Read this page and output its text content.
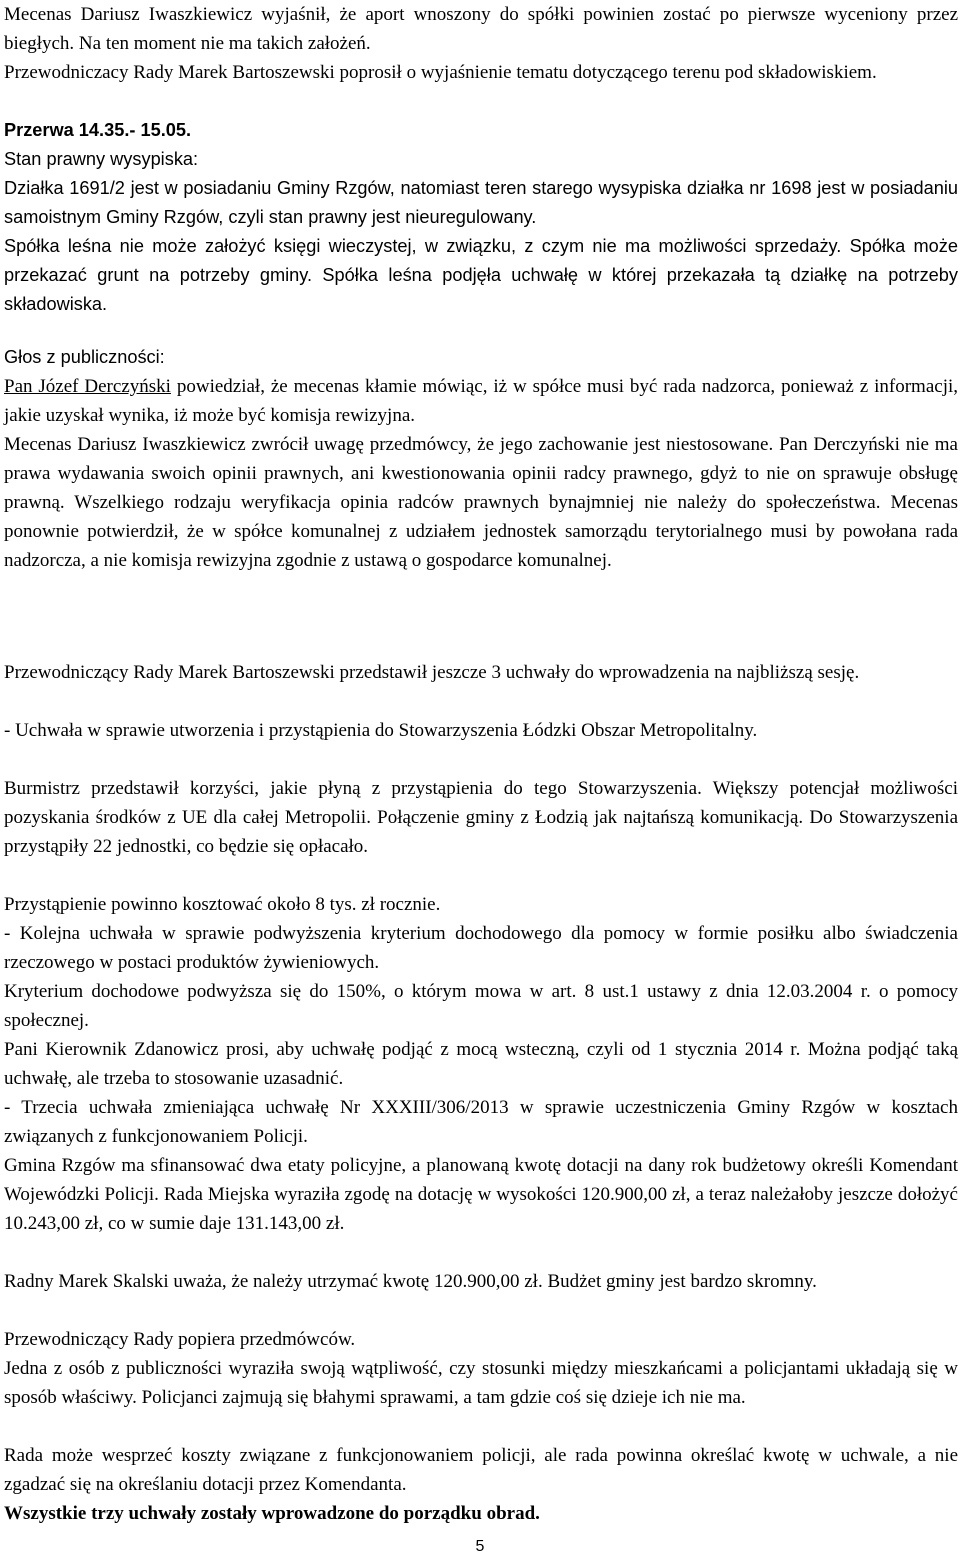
Mecenas Dariusz Iwaszkiewicz wyjaśnił, że aport wnoszony do spółki powinien zostać po pierwsze wyceniony przez biegłych. Na ten moment nie ma takich założeń.
Przewodniczacy Rady Marek Bartoszewski poprosił o wyjaśnienie tematu dotyczącego terenu pod składowiskiem.
Przerwa 14.35.- 15.05.
Stan prawny wysypiska:
Działka 1691/2 jest w posiadaniu Gminy Rzgów, natomiast teren starego wysypiska działka nr 1698 jest w posiadaniu samoistnym Gminy Rzgów, czyli stan prawny jest nieuregulowany.
Spółka leśna nie może założyć księgi wieczystej, w związku, z czym nie ma możliwości sprzedaży. Spółka może przekazać grunt na potrzeby gminy. Spółka leśna podjęła uchwałę w której przekazała tą działkę na potrzeby składowiska.
Głos z publiczności:
Pan Józef Derczyński powiedział, że mecenas kłamie mówiąc, iż w spółce musi być rada nadzorca, ponieważ z informacji, jakie uzyskał wynika, iż może być komisja rewizyjna.
Mecenas Dariusz Iwaszkiewicz zwrócił uwagę przedmówcy, że jego zachowanie jest niestosowane. Pan Derczyński nie ma prawa wydawania swoich opinii prawnych, ani kwestionowania opinii radcy prawnego, gdyż to nie on sprawuje obsługę prawną. Wszelkiego rodzaju weryfikacja opinia radców prawnych bynajmniej nie należy do społeczeństwa. Mecenas ponownie potwierdził, że w spółce komunalnej z udziałem jednostek samorządu terytorialnego musi by powołana rada nadzorcza, a nie komisja rewizyjna zgodnie z ustawą o gospodarce komunalnej.
Przewodniczący Rady Marek Bartoszewski przedstawił jeszcze 3 uchwały do wprowadzenia na najbliższą sesję.
- Uchwała w sprawie utworzenia i przystąpienia do Stowarzyszenia Łódzki Obszar Metropolitalny.
Burmistrz przedstawił korzyści, jakie płyną z przystąpienia do tego Stowarzyszenia. Większy potencjał możliwości pozyskania środków z UE dla całej Metropolii. Połączenie gminy z Łodzią jak najtańszą komunikacją. Do Stowarzyszenia przystąpiły 22 jednostki, co będzie się opłacało.
Przystąpienie powinno kosztować około 8 tys. zł rocznie.
- Kolejna uchwała w sprawie podwyższenia kryterium dochodowego dla pomocy w formie posiłku albo świadczenia rzeczowego w postaci produktów żywieniowych.
Kryterium dochodowe podwyższa się do 150%, o którym mowa w art. 8 ust.1 ustawy z dnia 12.03.2004 r. o pomocy społecznej.
Pani Kierownik Zdanowicz prosi, aby uchwałę podjąć z mocą wsteczną, czyli od 1 stycznia 2014 r. Można podjąć taką uchwałę, ale trzeba to stosowanie uzasadnić.
- Trzecia uchwała zmieniająca uchwałę Nr XXXIII/306/2013 w sprawie uczestniczenia Gminy Rzgów w kosztach związanych z funkcjonowaniem Policji.
Gmina Rzgów ma sfinansować dwa etaty policyjne, a planowaną kwotę dotacji na dany rok budżetowy określi Komendant Wojewódzki Policji. Rada Miejska wyraziła zgodę na dotację w wysokości 120.900,00 zł, a teraz należałoby jeszcze dołożyć 10.243,00 zł, co w sumie daje 131.143,00 zł.
Radny Marek Skalski uważa, że należy utrzymać kwotę 120.900,00 zł. Budżet gminy jest bardzo skromny.
Przewodniczący Rady popiera przedmówców.
Jedna z osób z publiczności wyraziła swoją wątpliwość, czy stosunki między mieszkańcami a policjantami układają się w sposób właściwy. Policjanci zajmują się błahymi sprawami, a tam gdzie coś się dzieje ich nie ma.
Rada może wesprzeć koszty związane z funkcjonowaniem policji, ale rada powinna określać kwotę w uchwale, a nie zgadzać się na określaniu dotacji przez Komendanta.
Wszystkie trzy uchwały zostały wprowadzone do porządku obrad.
5
